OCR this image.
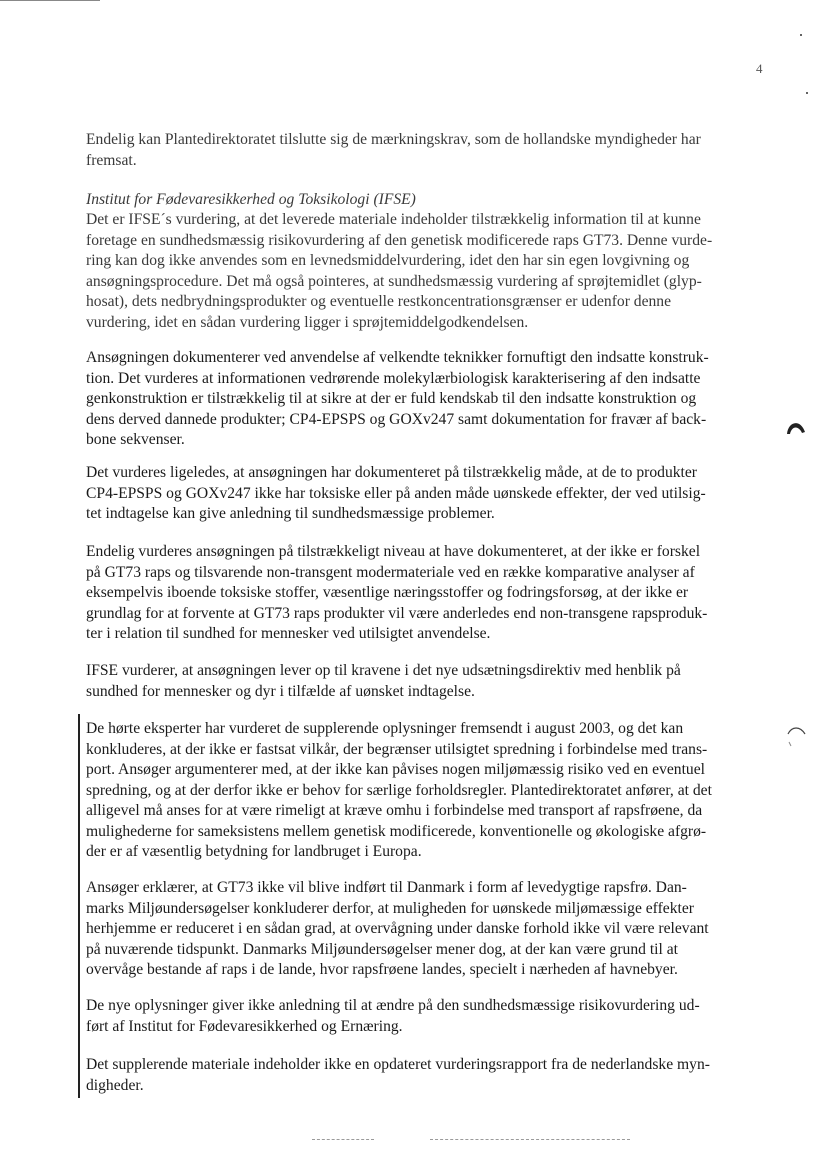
4

Endelig kan Plantedirektoratet tilslutte sig de mærkningskrav, som de hollandske myndigheder har
fremsat.

Institut for Fødevaresikkerhed og Toksikologi (IFSE)

Det er IFSE´s vurdering, at det leverede materiale indeholder tilstrækkelig information til at kunne
foretage en sundhedsmæssig risikovurdering af den genetisk modificerede raps GT73. Denne vurde-
ring kan dog ikke anvendes som en levnedsmiddelvurdering, idet den har sin egen lovgivning og
ansøgningsprocedure. Det må også pointeres, at sundhedsmæssig vurdering af sprøjtemidlet (glyp-
hosat), dets nedbrydningsprodukter og eventuelle restkoncentrationsgrænser er udenfor denne
vurdering, idet en sådan vurdering ligger i sprøjtemiddelgodkendelsen.

Ansøgningen dokumenterer ved anvendelse af velkendte teknikker fornuftigt den indsatte konstruk-
tion. Det vurderes at informationen vedrørende molekylærbiologisk karakterisering af den indsatte
genkonstruktion er tilstrækkelig til at sikre at der er fuld kendskab til den indsatte konstruktion og
dens derved dannede produkter; CP4-EPSPS og GOXv247 samt dokumentation for fravær af back-
bone sekvenser.

Det vurderes ligeledes, at ansøgningen har dokumenteret på tilstrækkelig måde, at de to produkter
CP4-EPSPS og GOXv247 ikke har toksiske eller på anden måde uønskede effekter, der ved utilsig-
tet indtagelse kan give anledning til sundhedsmæssige problemer.

Endelig vurderes ansøgningen på tilstrækkeligt niveau at have dokumenteret, at der ikke er forskel
på GT73 raps og tilsvarende non-transgent modermateriale ved en række komparative analyser af
eksempelvis iboende toksiske stoffer, væsentlige næringsstoffer og fodringsforsøg, at der ikke er
grundlag for at forvente at GT73 raps produkter vil være anderledes end non-transgene rapsproduk-
ter i relation til sundhed for mennesker ved utilsigtet anvendelse.

IFSE vurderer, at ansøgningen lever op til kravene i det nye udsætningsdirektiv med henblik på
sundhed for mennesker og dyr i tilfælde af uønsket indtagelse.

De hørte eksperter har vurderet de supplerende oplysninger fremsendt i august 2003, og det kan
konkluderes, at der ikke er fastsat vilkår, der begrænser utilsigtet spredning i forbindelse med trans-
port. Ansøger argumenterer med, at der ikke kan påvises nogen miljømæssig risiko ved en eventuel
spredning, og at der derfor ikke er behov for særlige forholdsregler. Plantedirektoratet anfører, at det
alligevel må anses for at være rimeligt at kræve omhu i forbindelse med transport af rapsfrøene, da
mulighederne for sameksistens mellem genetisk modificerede, konventionelle og økologiske afgrø-
der er af væsentlig betydning for landbruget i Europa.

Ansøger erklærer, at GT73 ikke vil blive indført til Danmark i form af levedygtige rapsfrø. Dan-
marks Miljøundersøgelser konkluderer derfor, at muligheden for uønskede miljømæssige effekter
herhjemme er reduceret i en sådan grad, at overvågning under danske forhold ikke vil være relevant
på nuværende tidspunkt. Danmarks Miljøundersøgelser mener dog, at der kan være grund til at
overvåge bestande af raps i de lande, hvor rapsfrøene landes, specielt i nærheden af havnebyer.

De nye oplysninger giver ikke anledning til at ændre på den sundhedsmæssige risikovurdering ud-
ført af Institut for Fødevaresikkerhed og Ernæring.

Det supplerende materiale indeholder ikke en opdateret vurderingsrapport fra de nederlandske myn-
digheder.
